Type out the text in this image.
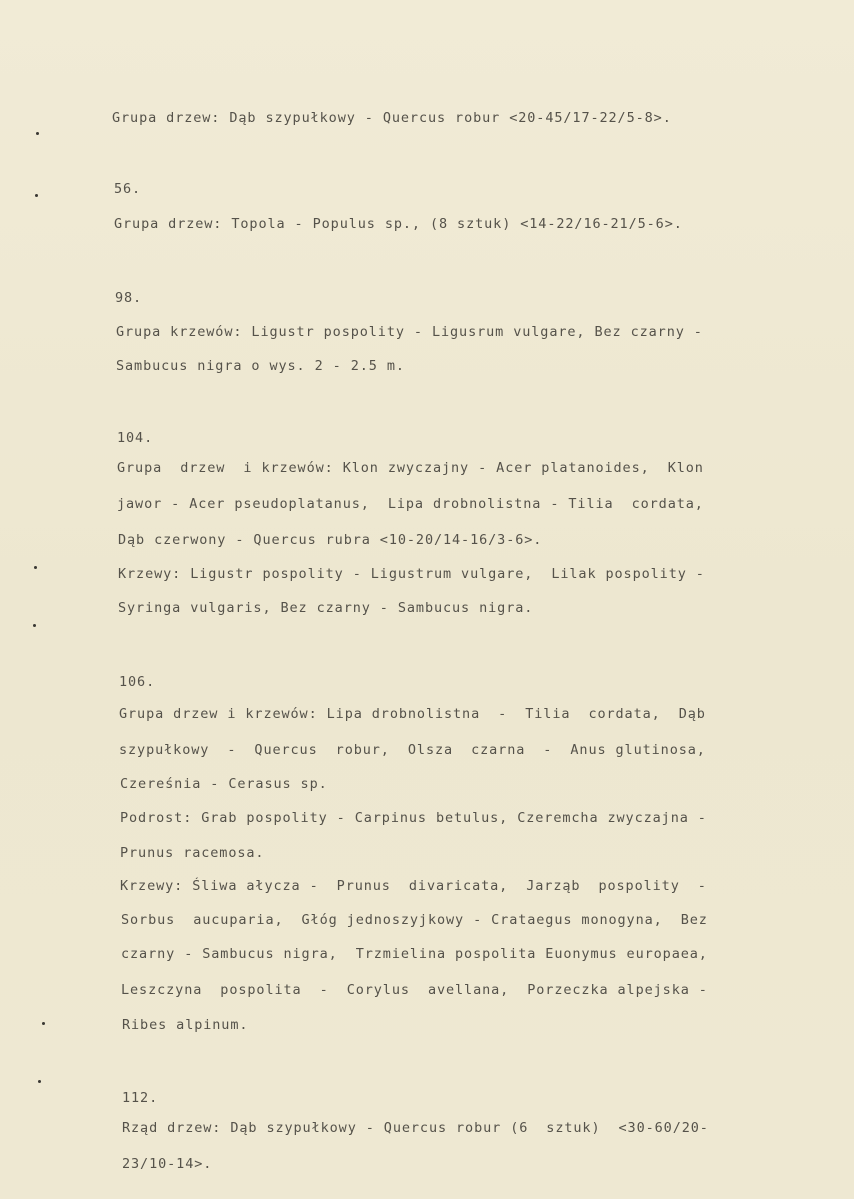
Grupa drzew: Dąb szypułkowy - Quercus robur <20-45/17-22/5-8>.
56.
Grupa drzew: Topola - Populus sp., (8 sztuk) <14-22/16-21/5-6>.
98.
Grupa krzewów: Ligustr pospolity - Ligusrum vulgare, Bez czarny -
Sambucus nigra o wys. 2 - 2.5 m.
104.
Grupa  drzew  i krzewów: Klon zwyczajny - Acer platanoides,  Klon
jawor - Acer pseudoplatanus,  Lipa drobnolistna - Tilia  cordata,
Dąb czerwony - Quercus rubra <10-20/14-16/3-6>.
Krzewy: Ligustr pospolity - Ligustrum vulgare,  Lilak pospolity -
Syringa vulgaris, Bez czarny - Sambucus nigra.
106.
Grupa drzew i krzewów: Lipa drobnolistna  -  Tilia  cordata,  Dąb
szypułkowy  -  Quercus  robur,  Olsza  czarna  -  Anus glutinosa,
Czereśnia - Cerasus sp.
Podrost: Grab pospolity - Carpinus betulus, Czeremcha zwyczajna -
Prunus racemosa.
Krzewy: Śliwa ałycza -  Prunus  divaricata,  Jarząb  pospolity  -
Sorbus  aucuparia,  Głóg jednoszyjkowy - Crataegus monogyna,  Bez
czarny - Sambucus nigra,  Trzmielina pospolita Euonymus europaea,
Leszczyna  pospolita  -  Corylus  avellana,  Porzeczka alpejska -
Ribes alpinum.
112.
Rząd drzew: Dąb szypułkowy - Quercus robur (6  sztuk)  <30-60/20-
23/10-14>.
